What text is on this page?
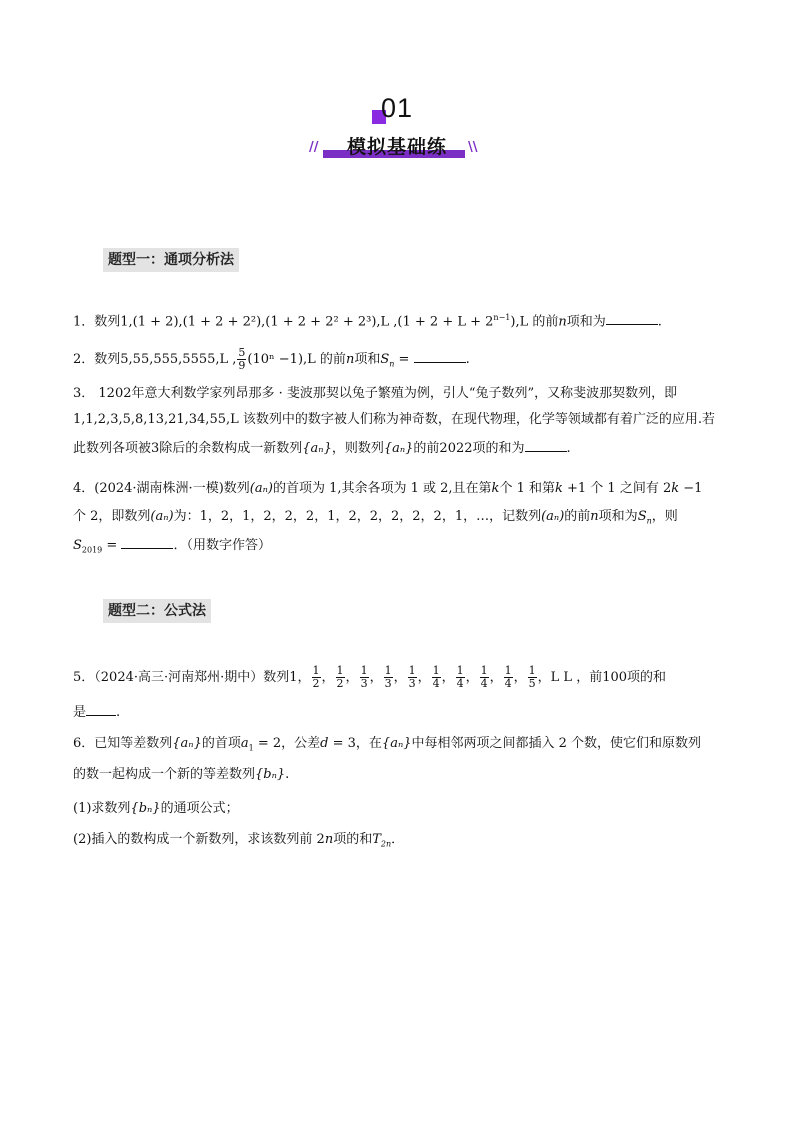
01
//	模拟基础练	\\
题型一：通项分析法
1．数列1,(1 + 2),(1 + 2 + 2²),(1 + 2 + 2² + 2³),L $,(1 + 2 + L + 2^{n-1}),L$ 的前n项和为	.
2．数列5,55,555,5555,L , $\frac{5}{9} (10^n -1),L$ 的前n项和$S_n$ =	.
3． 1202年意大利数学家列昂那多 · 斐波那契以兔子繁殖为例，引人“兔子数列”，又称斐波那契数列，即
1,1,2,3,5,8,13,21,34,55,L 该数列中的数字被人们称为神奇数，在现代物理，化学等领域都有着广泛的应用.若
此数列各项被3除后的余数构成一新数列{aₙ}，则数列{aₙ}的前2022项的和为	.
4．(2024·湖南株洲·一模)数列(aₙ)的首项为 1,其余各项为 1 或 2,且在第k个 1 和第k +1 个 1 之间有 2k −1
个 2，即数列(aₙ)为：1，2，1，2，2，2，1，2，2，2，2，2，1，…，记数列(aₙ)的前n项和为$S_n$，则
$S_{2019}$ =	．（用数字作答）
题型二：公式法
5．（2024·高三·河南郑州·期中）数列1， $\frac{1}{2}$ ， $\frac{1}{2}$ ， $\frac{1}{3}$ ， $\frac{1}{3}$ ， $\frac{1}{3}$ ， $\frac{1}{4}$ ， $\frac{1}{4}$ ， $\frac{1}{4}$ ， $\frac{1}{4}$ ， $\frac{1}{5}$ ，L L ，前100项的和
是 .
6．已知等差数列{aₙ}的首项$a_1 = 2$，公差d = 3，在{aₙ}中每相邻两项之间都插入 2 个数，使它们和原数列
的数一起构成一个新的等差数列{bₙ}.
(1)求数列{bₙ}的通项公式；
(2)插入的数构成一个新数列，求该数列前 2n项的和$T_{2n}$．
